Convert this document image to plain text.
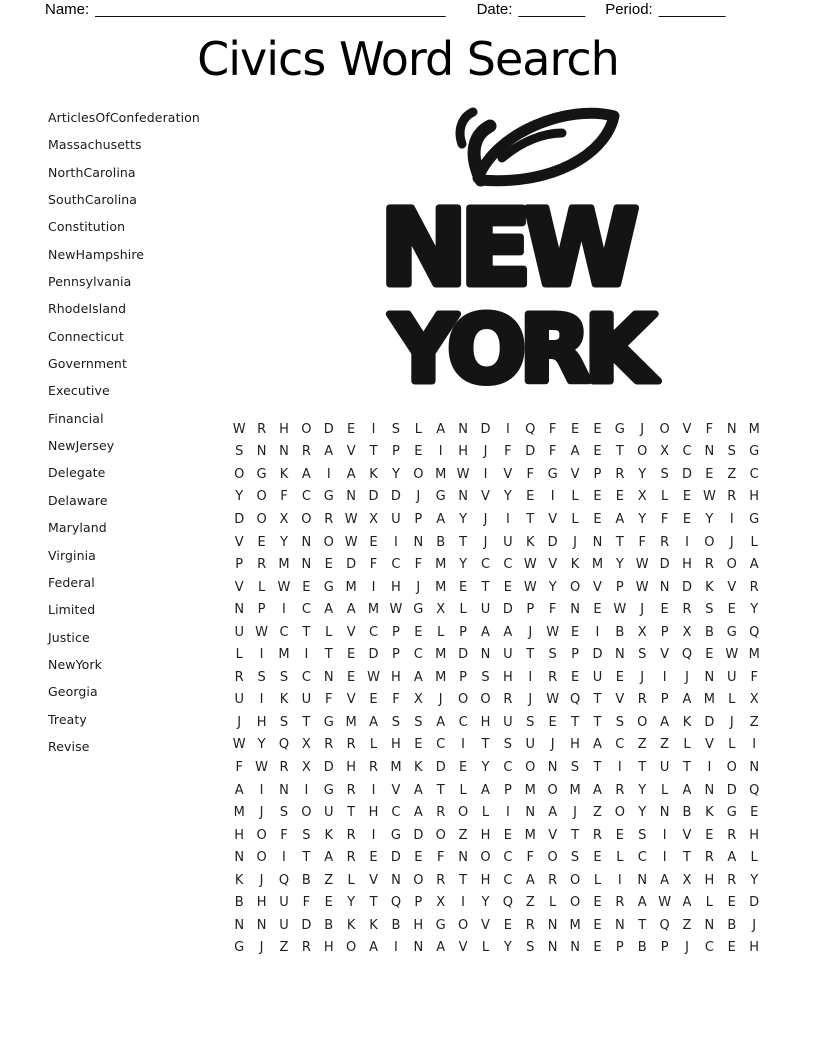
Name: __________________________________________ Date: ________ Period: ________
Civics Word Search
ArticlesOfConfederation
Massachusetts
NorthCarolina
SouthCarolina
Constitution
NewHampshire
Pennsylvania
RhodeIsland
Connecticut
Government
Executive
Financial
NewJersey
Delegate
Delaware
Maryland
Virginia
Federal
Limited
Justice
NewYork
Georgia
Treaty
Revise
NEW
YORK
W R H O D	E	I	S	L	A	N D	I	Q	F	E	E	G	J	O V	F	N M
S	N N	R	A	V	T	P	E	I	H	J	F	D	F	A	E	T	O X	C N	S	G
O G	K	A	I	A	K	Y	O M W	I	V	F	G V	P	R	Y	S	D	E	Z	C
Y	O	F	C G N D D	J	G N	V	Y	E	I	L	E	E	X	L	E W R H
D O X O R W X	U	P	A	Y	J	I	T	V	L	E	A	Y	F	E	Y	I	G
V	E	Y	N O W E	I	N	B	T	J	U	K	D	J	N	T	F	R	I	O	J	L
P	R M N	E	D	F	C	F	M Y	C	C W V	K M Y W D H R O A
V	L W E	G M	I	H	J	M E	T	E W Y	O V	P W N D	K	V	R
N	P	I	C	A	A M W G X	L	U D	P	F	N	E W	J	E	R	S	E	Y
U W C	T	L	V	C	P	E	L	P	A	A	J	W E	I	B	X	P	X	B G Q
L	I	M	I	T	E	D	P	C M D N U	T	S	P	D N	S	V Q	E W M
R	S	S	C N	E W H	A M P	S	H	I	R	E	U	E	J	I	J	N U	F
U	I	K	U	F	V	E	F	X	J	O O R	J	W Q	T	V	R	P	A M	L	X
J	H	S	T	G M A	S	S	A	C H U	S	E	T	T	S	O A	K	D	J	Z
W Y	Q X	R	R	L	H	E	C	I	T	S	U	J	H	A	C	Z	Z	L	V	L	I
F W R	X D H R M K	D	E	Y	C O N	S	T	I	T	U	T	I	O N
A	I	N	I	G R	I	V	A	T	L	A	P M O M A	R	Y	L	A	N D Q
M	J	S	O U	T	H C	A	R O	L	I	N	A	J	Z O	Y	N	B	K	G	E
H O	F	S	K	R	I	G D O Z	H	E M V	T	R	E	S	I	V	E	R H
N O	I	T	A	R	E	D	E	F	N O C	F	O	S	E	L	C	I	T	R	A	L
K	J	Q B	Z	L	V	N O R	T	H C	A	R O	L	I	N	A	X	H R	Y
B	H U	F	E	Y	T	Q	P	X	I	Y	Q Z	L	O	E	R	A W A	L	E	D
N N U D B	K	K	B	H G O V	E	R	N M E	N	T	Q Z	N	B	J
G	J	Z	R H O A	I	N	A	V	L	Y	S	N N	E	P	B	P	J	C	E	H
